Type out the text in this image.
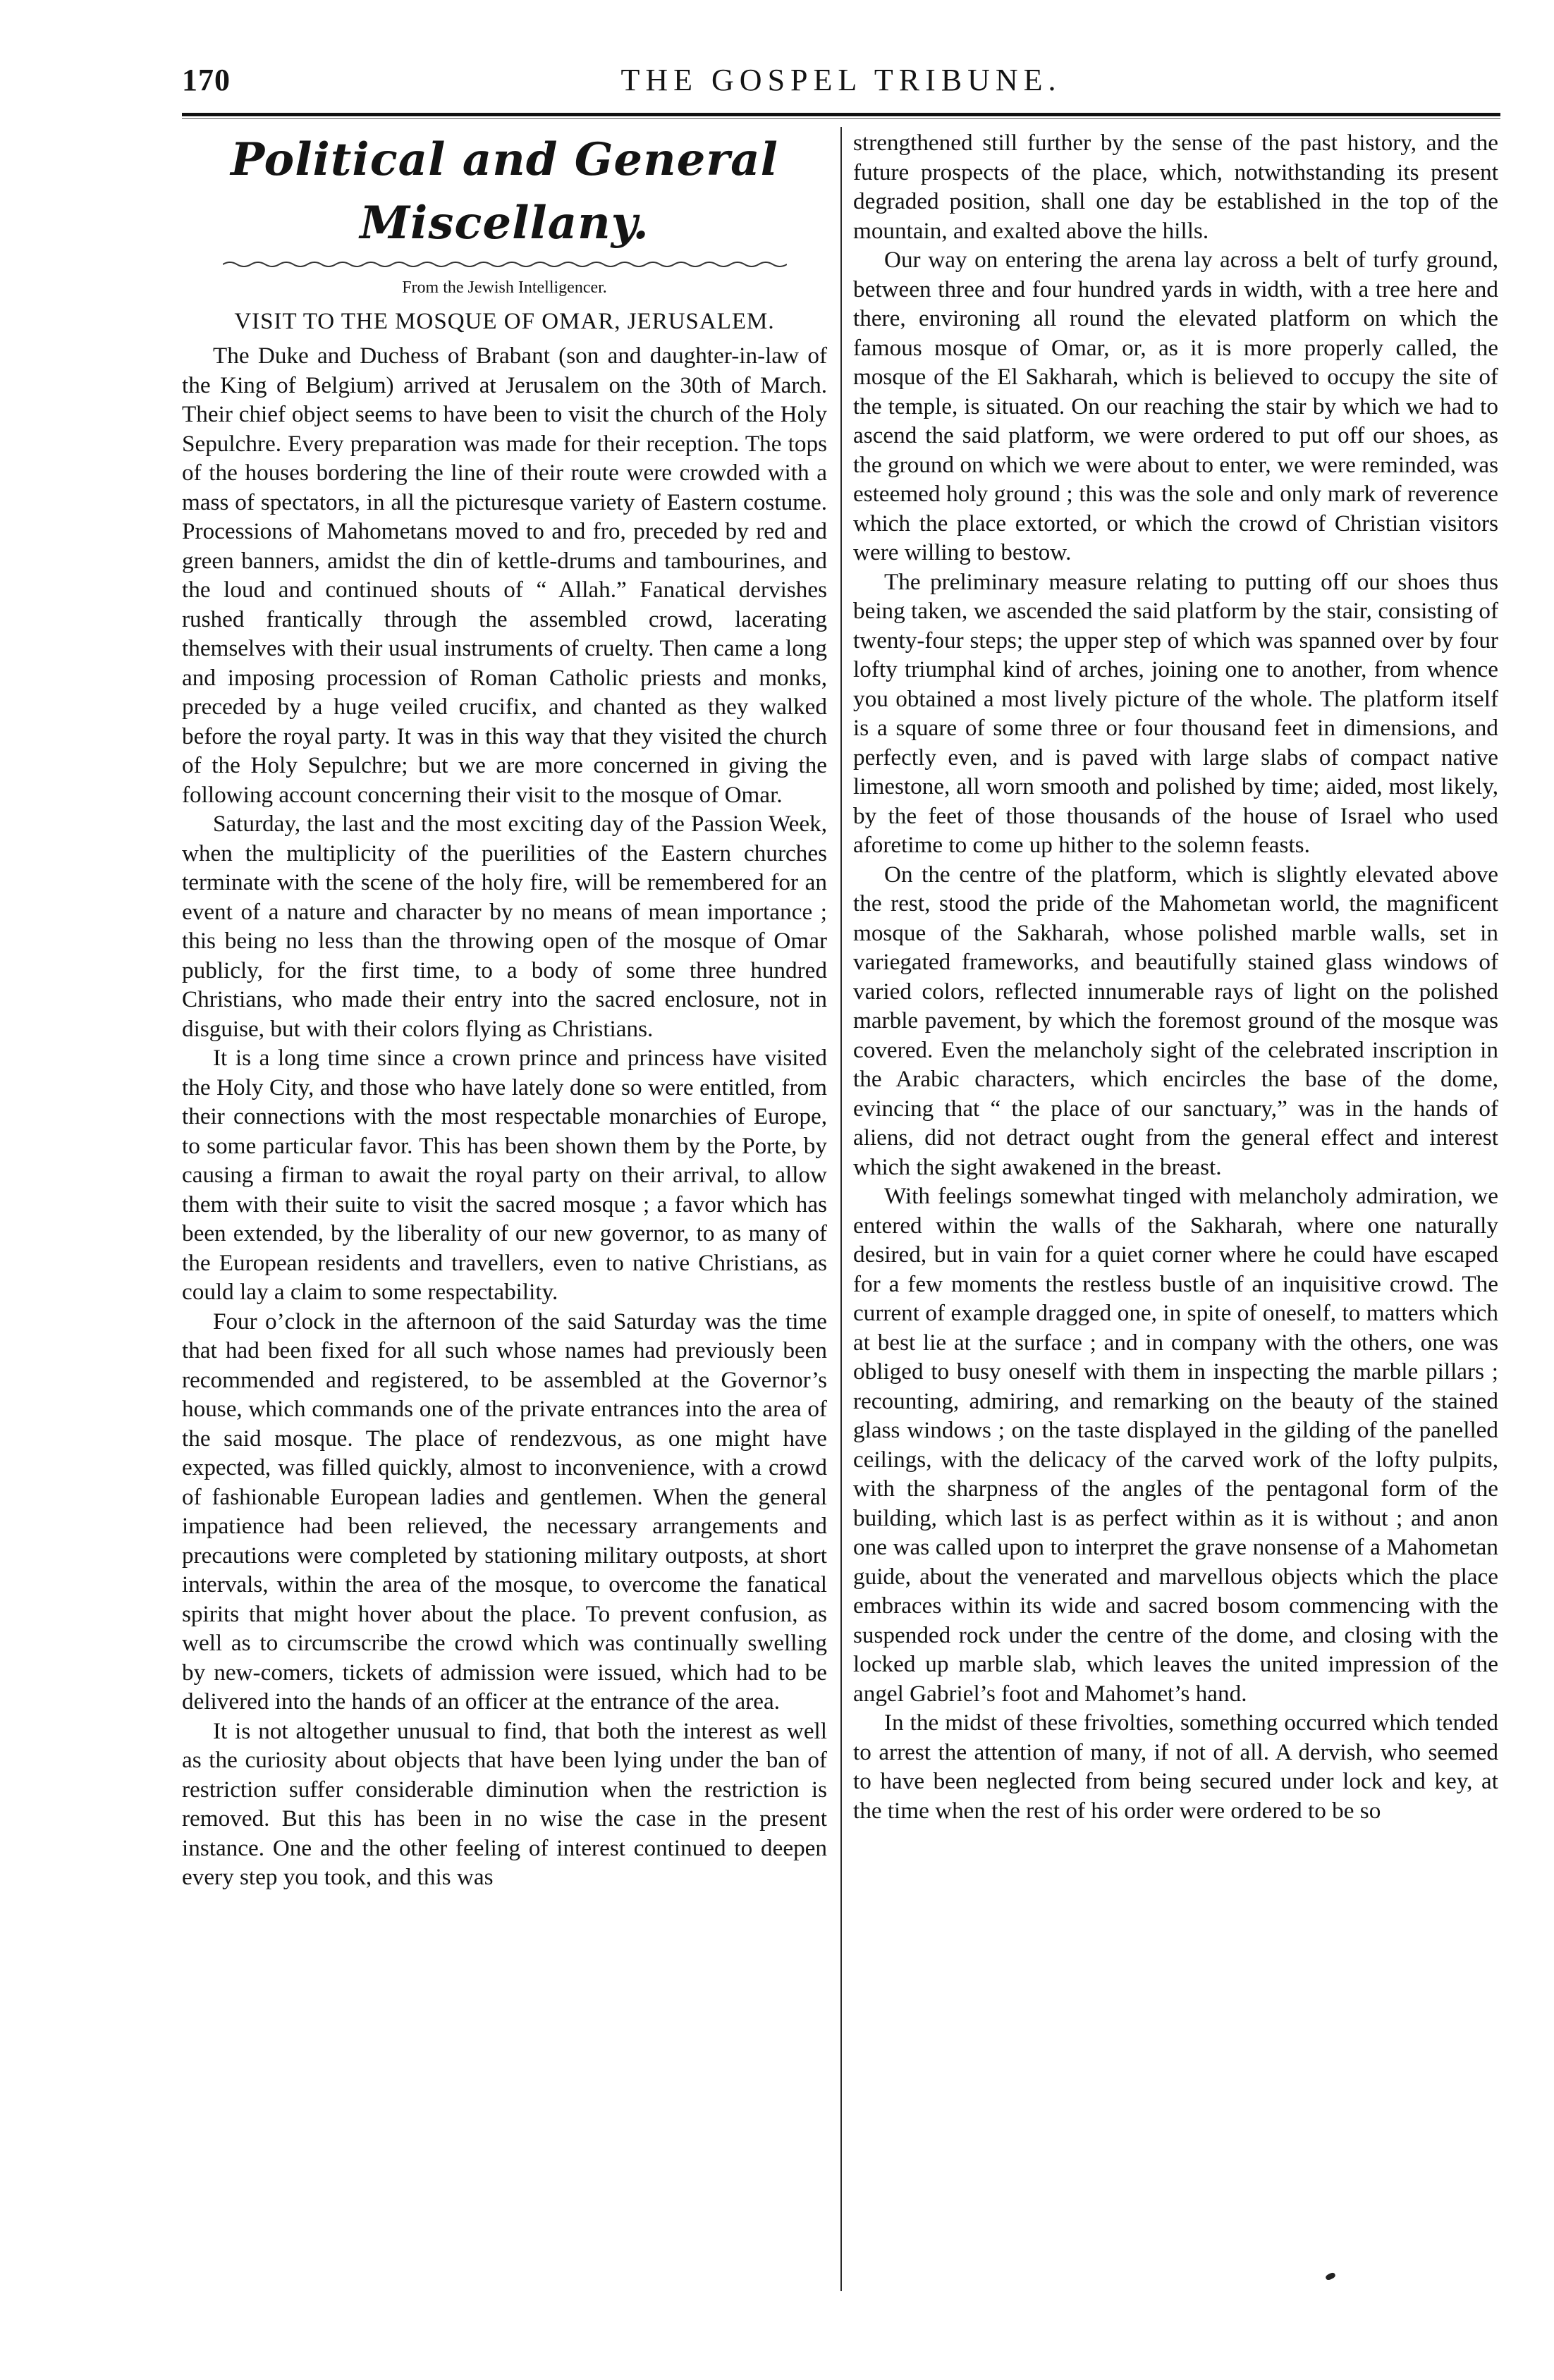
170	THE GOSPEL TRIBUNE.
Political and General Miscellany.
From the Jewish Intelligencer.
VISIT TO THE MOSQUE OF OMAR, JERUSALEM.

The Duke and Duchess of Brabant (son and daughter-in-law of the King of Belgium) arrived at Jerusalem on the 30th of March. Their chief object seems to have been to visit the church of the Holy Sepulchre. Every preparation was made for their reception. The tops of the houses bordering the line of their route were crowded with a mass of spectators, in all the picturesque variety of Eastern costume. Processions of Mahometans moved to and fro, preceded by red and green banners, amidst the din of kettle-drums and tambourines, and the loud and continued shouts of “ Allah.” Fanatical dervishes rushed frantically through the assembled crowd, lacerating themselves with their usual instruments of cruelty. Then came a long and imposing procession of Roman Catholic priests and monks, preceded by a huge veiled crucifix, and chanted as they walked before the royal party. It was in this way that they visited the church of the Holy Sepulchre; but we are more concerned in giving the following account concerning their visit to the mosque of Omar.

Saturday, the last and the most exciting day of the Passion Week, when the multiplicity of the puerilities of the Eastern churches terminate with the scene of the holy fire, will be remembered for an event of a nature and character by no means of mean importance ; this being no less than the throwing open of the mosque of Omar publicly, for the first time, to a body of some three hundred Christians, who made their entry into the sacred enclosure, not in disguise, but with their colors flying as Christians.

It is a long time since a crown prince and princess have visited the Holy City, and those who have lately done so were entitled, from their connections with the most respectable monarchies of Europe, to some particular favor. This has been shown them by the Porte, by causing a firman to await the royal party on their arrival, to allow them with their suite to visit the sacred mosque ; a favor which has been extended, by the liberality of our new governor, to as many of the European residents and travellers, even to native Christians, as could lay a claim to some respectability.

Four o’clock in the afternoon of the said Saturday was the time that had been fixed for all such whose names had previously been recommended and registered, to be assembled at the Governor’s house, which commands one of the private entrances into the area of the said mosque. The place of rendezvous, as one might have expected, was filled quickly, almost to inconvenience, with a crowd of fashionable European ladies and gentlemen. When the general impatience had been relieved, the necessary arrangements and precautions were completed by stationing military outposts, at short intervals, within the area of the mosque, to overcome the fanatical spirits that might hover about the place. To prevent confusion, as well as to circumscribe the crowd which was continually swelling by new-comers, tickets of admission were issued, which had to be delivered into the hands of an officer at the entrance of the area.

It is not altogether unusual to find, that both the interest as well as the curiosity about objects that have been lying under the ban of restriction suffer considerable diminution when the restriction is removed. But this has been in no wise the case in the present instance. One and the other feeling of interest continued to deepen every step you took, and this was

strengthened still further by the sense of the past history, and the future prospects of the place, which, notwithstanding its present degraded position, shall one day be established in the top of the mountain, and exalted above the hills.

Our way on entering the arena lay across a belt of turfy ground, between three and four hundred yards in width, with a tree here and there, environing all round the elevated platform on which the famous mosque of Omar, or, as it is more properly called, the mosque of the El Sakharah, which is believed to occupy the site of the temple, is situated. On our reaching the stair by which we had to ascend the said platform, we were ordered to put off our shoes, as the ground on which we were about to enter, we were reminded, was esteemed holy ground ; this was the sole and only mark of reverence which the place extorted, or which the crowd of Christian visitors were willing to bestow.

The preliminary measure relating to putting off our shoes thus being taken, we ascended the said platform by the stair, consisting of twenty-four steps; the upper step of which was spanned over by four lofty triumphal kind of arches, joining one to another, from whence you obtained a most lively picture of the whole. The platform itself is a square of some three or four thousand feet in dimensions, and perfectly even, and is paved with large slabs of compact native limestone, all worn smooth and polished by time; aided, most likely, by the feet of those thousands of the house of Israel who used aforetime to come up hither to the solemn feasts.

On the centre of the platform, which is slightly elevated above the rest, stood the pride of the Mahometan world, the magnificent mosque of the Sakharah, whose polished marble walls, set in variegated frameworks, and beautifully stained glass windows of varied colors, reflected innumerable rays of light on the polished marble pavement, by which the foremost ground of the mosque was covered. Even the melancholy sight of the celebrated inscription in the Arabic characters, which encircles the base of the dome, evincing that “ the place of our sanctuary,” was in the hands of aliens, did not detract ought from the general effect and interest which the sight awakened in the breast.

With feelings somewhat tinged with melancholy admiration, we entered within the walls of the Sakharah, where one naturally desired, but in vain for a quiet corner where he could have escaped for a few moments the restless bustle of an inquisitive crowd. The current of example dragged one, in spite of oneself, to matters which at best lie at the surface ; and in company with the others, one was obliged to busy oneself with them in inspecting the marble pillars ; recounting, admiring, and remarking on the beauty of the stained glass windows ; on the taste displayed in the gilding of the panelled ceilings, with the delicacy of the carved work of the lofty pulpits, with the sharpness of the angles of the pentagonal form of the building, which last is as perfect within as it is without ; and anon one was called upon to interpret the grave nonsense of a Mahometan guide, about the venerated and marvellous objects which the place embraces within its wide and sacred bosom commencing with the suspended rock under the centre of the dome, and closing with the locked up marble slab, which leaves the united impression of the angel Gabriel’s foot and Mahomet’s hand.

In the midst of these frivolties, something occurred which tended to arrest the attention of many, if not of all. A dervish, who seemed to have been neglected from being secured under lock and key, at the time when the rest of his order were ordered to be so
